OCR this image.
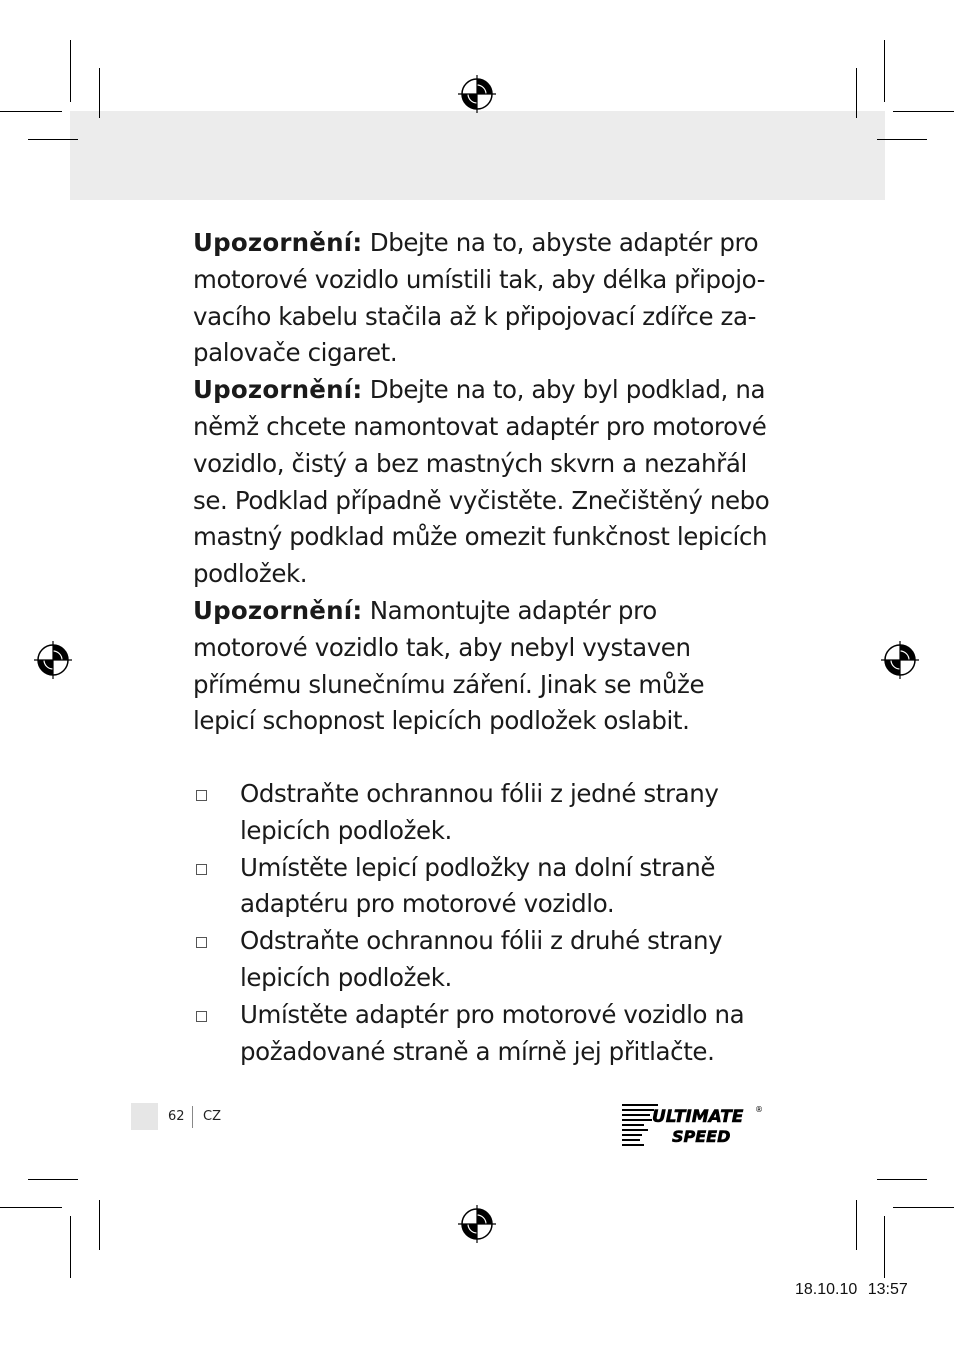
Upozornění: Dbejte na to, abyste adaptér pro motorové vozidlo umístili tak, aby délka připojo-vacího kabelu stačila až k připojovací zdířce za-palovače cigaret.

Upozornění: Dbejte na to, aby byl podklad, na němž chcete namontovat adaptér pro motorové vozidlo, čistý a bez mastných skvrn a nezahřál se. Podklad případně vyčistěte. Znečištěný nebo mastný podklad může omezit funkčnost lepicích podložek.

Upozornění: Namontujte adaptér pro motorové vozidlo tak, aby nebyl vystaven přímému slunečnímu záření. Jinak se může lepicí schopnost lepicích podložek oslabit.

Odstraňte ochrannou fólii z jedné strany lepicích podložek.
Umístěte lepicí podložky na dolní straně adaptéru pro motorové vozidlo.
Odstraňte ochrannou fólii z druhé strany lepicích podložek.
Umístěte adaptér pro motorové vozidlo na požadované straně a mírně jej přitlačte.
62 CZ	ULTIMATE
SPEED
®
18.10.10 13:57
